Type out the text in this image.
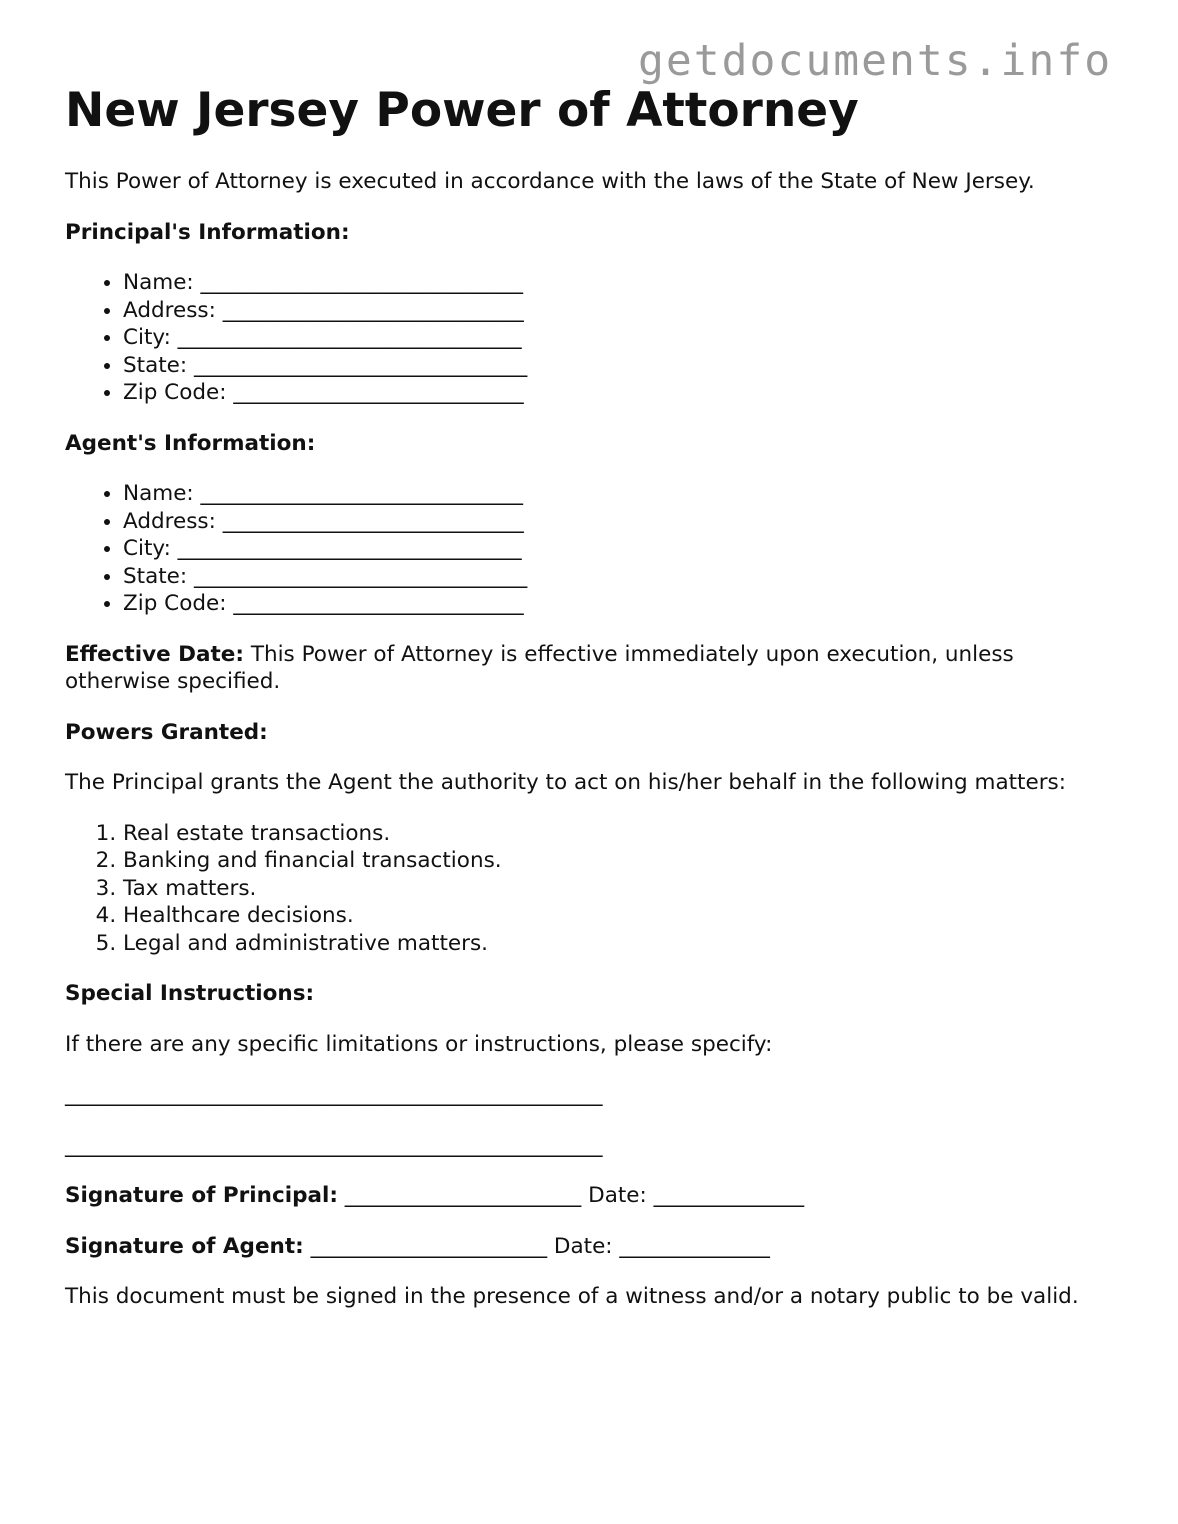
getdocuments.info
New Jersey Power of Attorney

This Power of Attorney is executed in accordance with the laws of the State of New Jersey.

Principal's Information:
• Name: ______________________________
• Address: ____________________________
• City: ________________________________
• State: _______________________________
• Zip Code: ___________________________
Agent's Information:
• Name: ______________________________
• Address: ____________________________
• City: ________________________________
• State: _______________________________
• Zip Code: ___________________________

Effective Date: This Power of Attorney is effective immediately upon execution, unless otherwise specified.

Powers Granted:

The Principal grants the Agent the authority to act on his/her behalf in the following matters:

1. Real estate transactions.
2. Banking and financial transactions.
3. Tax matters.
4. Healthcare decisions.
5. Legal and administrative matters.
Special Instructions:

If there are any specific limitations or instructions, please specify:

__________________________________________________

__________________________________________________

Signature of Principal: ______________________ Date: ______________

Signature of Agent: ______________________ Date: ______________

This document must be signed in the presence of a witness and/or a notary public to be valid.
